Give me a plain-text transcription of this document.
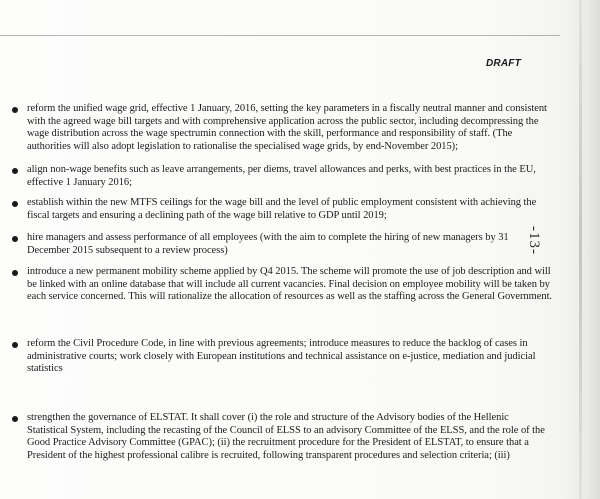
DRAFT
-13-
reform the unified wage grid, effective 1 January, 2016, setting the key parameters in a fiscally neutral manner and consistent with the agreed wage bill targets and with comprehensive application across the public sector, including decompressing the wage distribution across the wage spectrumin connection with the skill, performance and responsibility of staff. (The authorities will also adopt legislation to rationalise the specialised wage grids, by end-November 2015);
align non-wage benefits such as leave arrangements, per diems, travel allowances and perks, with best practices in the EU, effective 1 January 2016;
establish within the new MTFS ceilings for the wage bill and the level of public employment consistent with achieving the fiscal targets and ensuring a declining path of the wage bill relative to GDP until 2019;
hire managers and assess performance of all employees (with the aim to complete the hiring of new managers by 31 December 2015 subsequent to a review process)
introduce a new permanent mobility scheme applied by Q4 2015. The scheme will promote the use of job description and will be linked with an online database that will include all current vacancies. Final decision on employee mobility will be taken by each service concerned. This will rationalize the allocation of resources as well as the staffing across the General Government.
reform the Civil Procedure Code, in line with previous agreements; introduce measures to reduce the backlog of cases in administrative courts; work closely with European institutions and technical assistance on e-justice, mediation and judicial statistics
strengthen the governance of ELSTAT. It shall cover (i) the role and structure of the Advisory bodies of the Hellenic Statistical System, including the recasting of the Council of ELSS to an advisory Committee of the ELSS, and the role of the Good Practice Advisory Committee (GPAC); (ii) the recruitment procedure for the President of ELSTAT, to ensure that a President of the highest professional calibre is recruited, following transparent procedures and selection criteria; (iii)
